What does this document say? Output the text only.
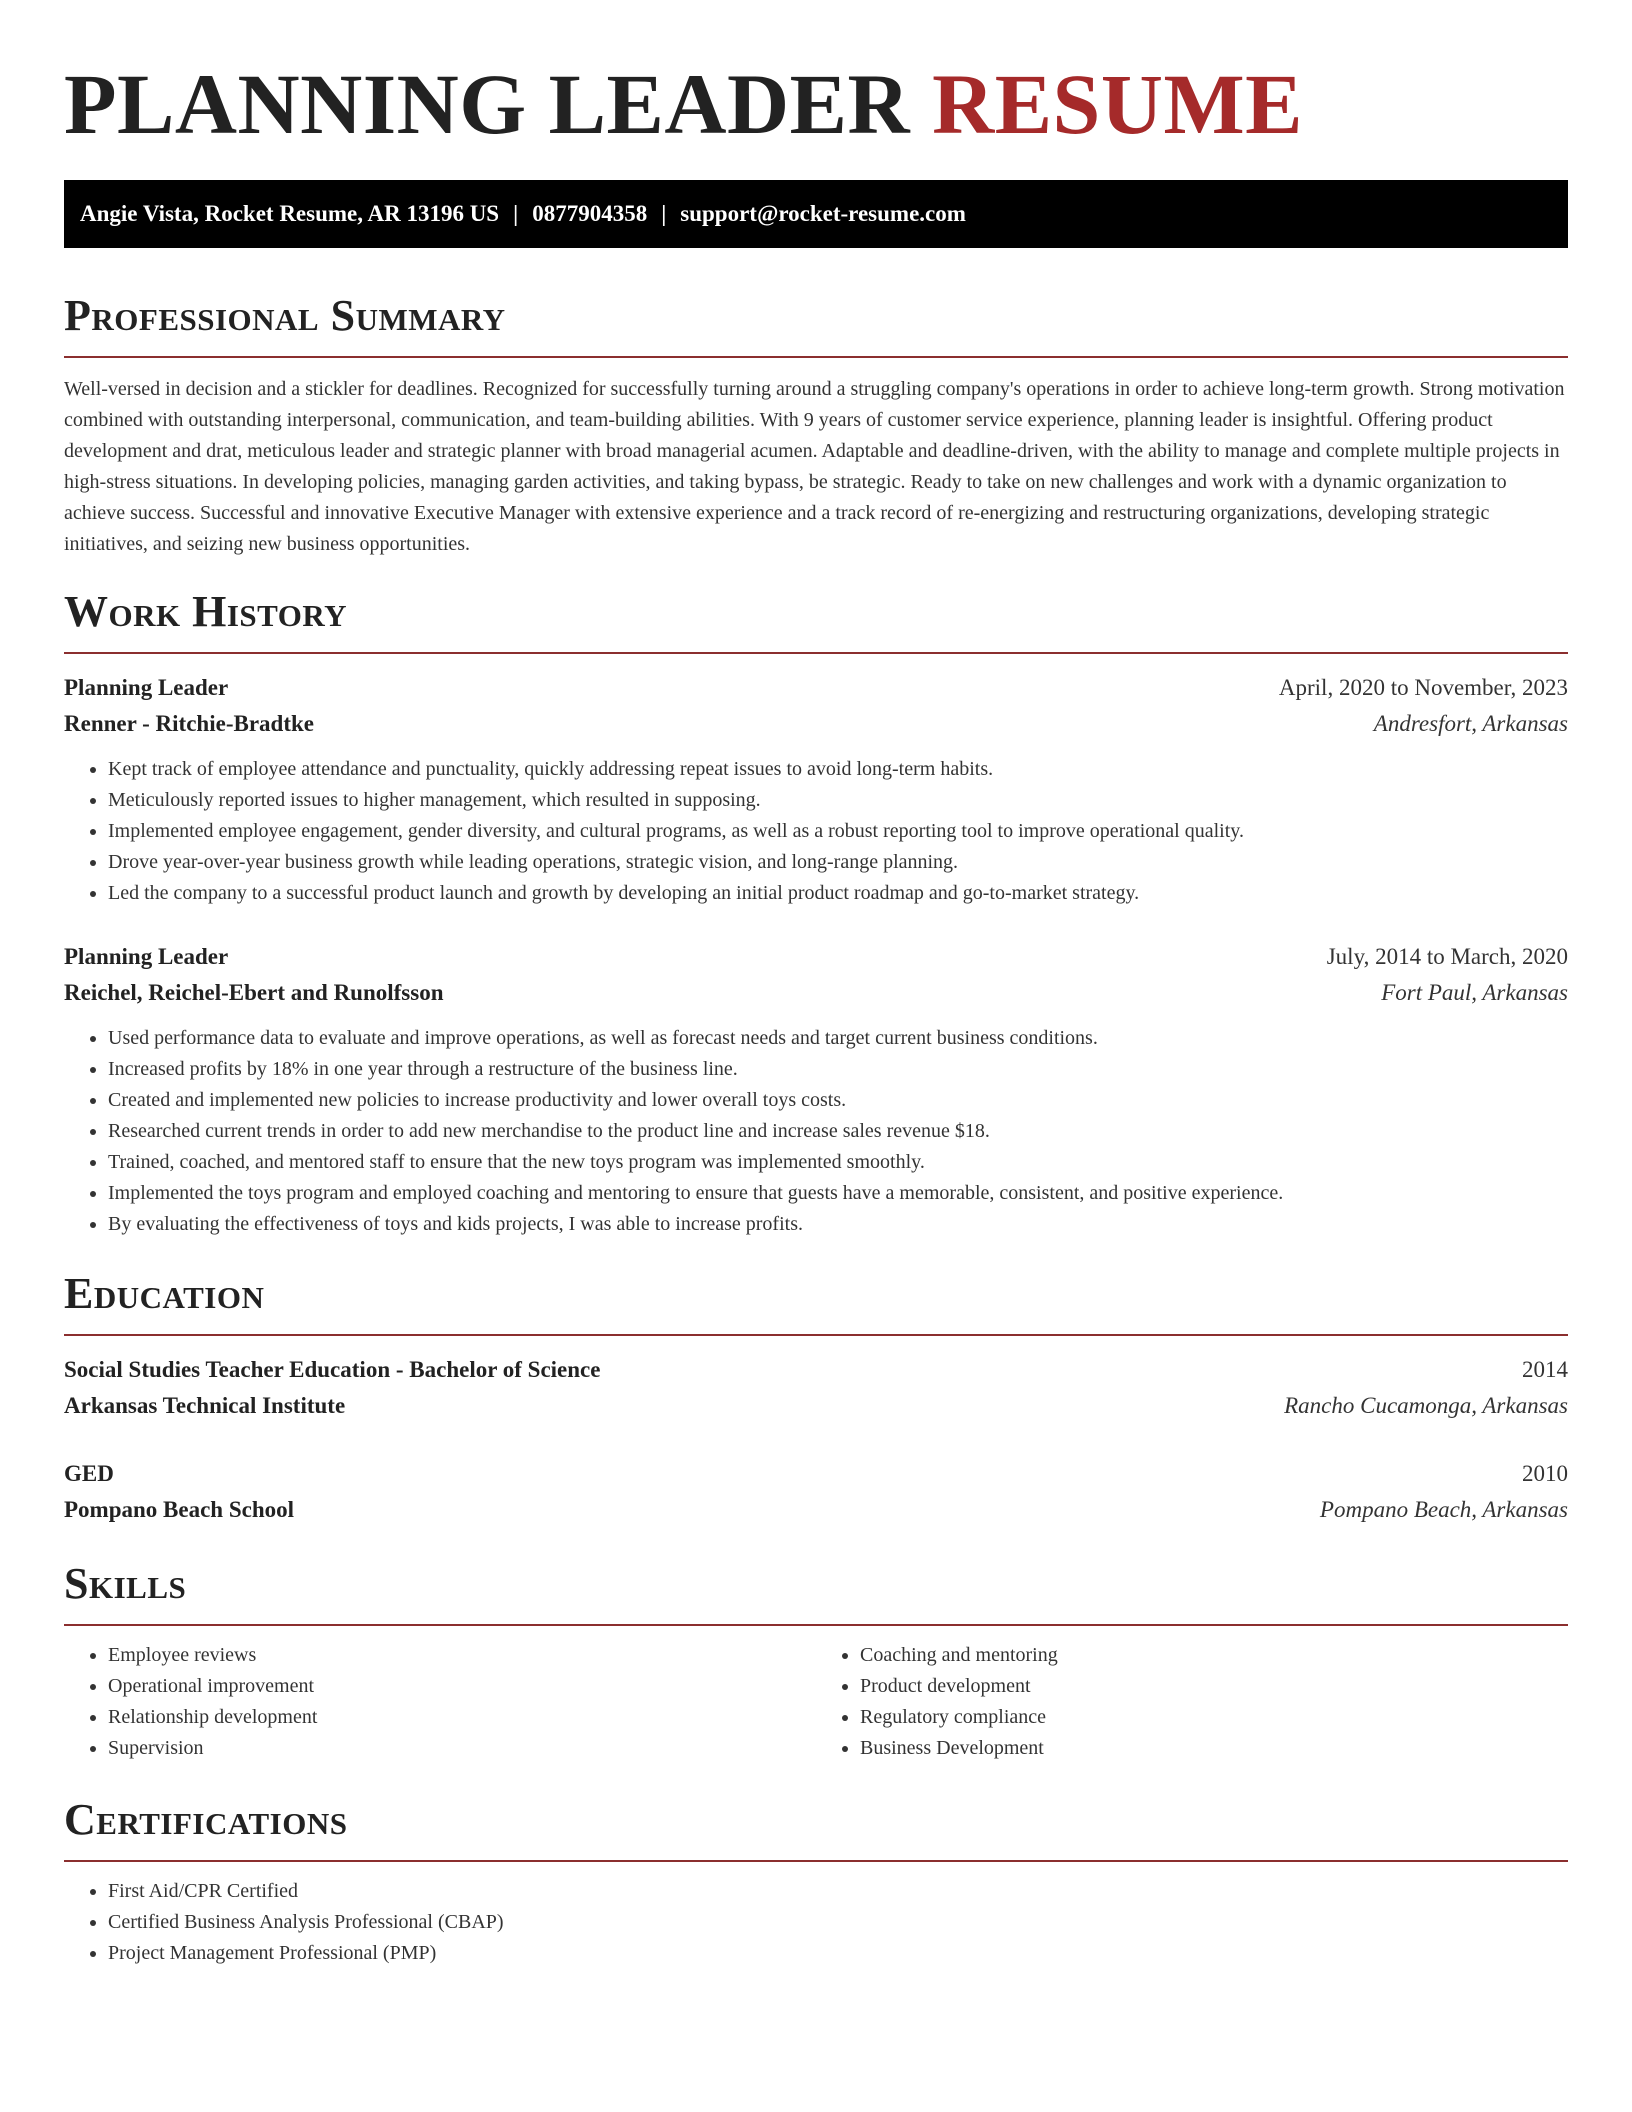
PLANNING LEADER RESUME
Angie Vista, Rocket Resume, AR 13196 US | 0877904358 | support@rocket-resume.com
Professional Summary

Well-versed in decision and a stickler for deadlines. Recognized for successfully turning around a struggling company's operations in order to achieve long-term growth. Strong motivation combined with outstanding interpersonal, communication, and team-building abilities. With 9 years of customer service experience, planning leader is insightful. Offering product development and drat, meticulous leader and strategic planner with broad managerial acumen. Adaptable and deadline-driven, with the ability to manage and complete multiple projects in high-stress situations. In developing policies, managing garden activities, and taking bypass, be strategic. Ready to take on new challenges and work with a dynamic organization to achieve success. Successful and innovative Executive Manager with extensive experience and a track record of re-energizing and restructuring organizations, developing strategic initiatives, and seizing new business opportunities.

Work History
Planning Leader	April, 2020 to November, 2023
Renner - Ritchie-Bradtke	Andresfort, Arkansas
• Kept track of employee attendance and punctuality, quickly addressing repeat issues to avoid long-term habits.
• Meticulously reported issues to higher management, which resulted in supposing.
• Implemented employee engagement, gender diversity, and cultural programs, as well as a robust reporting tool to improve operational quality.
• Drove year-over-year business growth while leading operations, strategic vision, and long-range planning.
• Led the company to a successful product launch and growth by developing an initial product roadmap and go-to-market strategy.
Planning Leader	July, 2014 to March, 2020
Reichel, Reichel-Ebert and Runolfsson	Fort Paul, Arkansas
• Used performance data to evaluate and improve operations, as well as forecast needs and target current business conditions.
• Increased profits by 18% in one year through a restructure of the business line.
• Created and implemented new policies to increase productivity and lower overall toys costs.
• Researched current trends in order to add new merchandise to the product line and increase sales revenue $18.
• Trained, coached, and mentored staff to ensure that the new toys program was implemented smoothly.
• Implemented the toys program and employed coaching and mentoring to ensure that guests have a memorable, consistent, and positive experience.
• By evaluating the effectiveness of toys and kids projects, I was able to increase profits.
Education
Social Studies Teacher Education - Bachelor of Science	2014
Arkansas Technical Institute	Rancho Cucamonga, Arkansas
GED	2010
Pompano Beach School	Pompano Beach, Arkansas
Skills
• Employee reviews
• Operational improvement
• Relationship development
• Supervision
• Coaching and mentoring
• Product development
• Regulatory compliance
• Business Development
Certifications
• First Aid/CPR Certified
• Certified Business Analysis Professional (CBAP)
• Project Management Professional (PMP)
